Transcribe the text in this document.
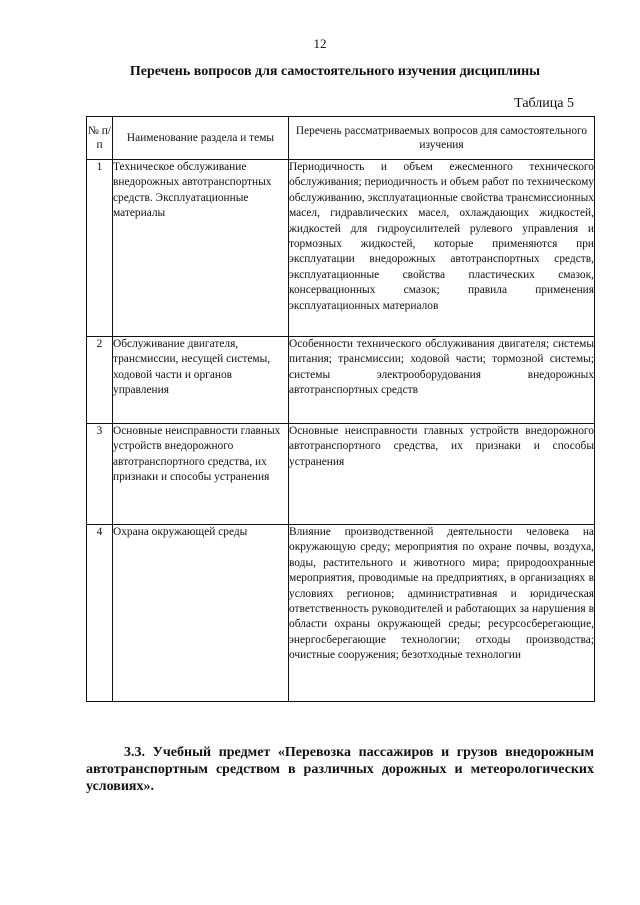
12
Перечень вопросов для самостоятельного изучения дисциплины
Таблица 5
№ п/п	Наименование раздела и темы	Перечень рассматриваемых вопросов для самостоятельного изучения
1	Техническое обслуживание внедорожных автотранспортных средств. Эксплуатационные материалы	Периодичность и объем ежесменного технического обслуживания; периодичность и объем работ по техническому обслуживанию, эксплуатационные свойства трансмиссионных масел, гидравлических масел, охлаждающих жидкостей, жидкостей для гидроусилителей рулевого управления и тормозных жидкостей, которые применяются при эксплуатации внедорожных автотранспортных средств, эксплуатационные свойства пластических смазок, консервационных смазок; правила применения эксплуатационных материалов
2	Обслуживание двигателя, трансмиссии, несущей системы, ходовой части и органов управления	Особенности технического обслуживания двигателя; системы питания; трансмиссии; ходовой части; тормозной системы; системы электрооборудования внедорожных автотранспортных средств
3	Основные неисправности главных устройств внедорожного автотранспортного средства, их признаки и способы устранения	Основные неисправности главных устройств внедорожного автотранспортного средства, их признаки и способы устранения
4	Охрана окружающей среды	Влияние производственной деятельности человека на окружающую среду; мероприятия по охране почвы, воздуха, воды, растительного и животного мира; природоохранные мероприятия, проводимые на предприятиях, в организациях в условиях регионов; административная и юридическая ответственность руководителей и работающих за нарушения в области охраны окружающей среды; ресурсосберегающие, энергосберегающие технологии; отходы производства; очистные сооружения; безотходные технологии
3.3. Учебный предмет «Перевозка пассажиров и грузов внедорожным автотранспортным средством в различных дорожных и метеорологических условиях».
